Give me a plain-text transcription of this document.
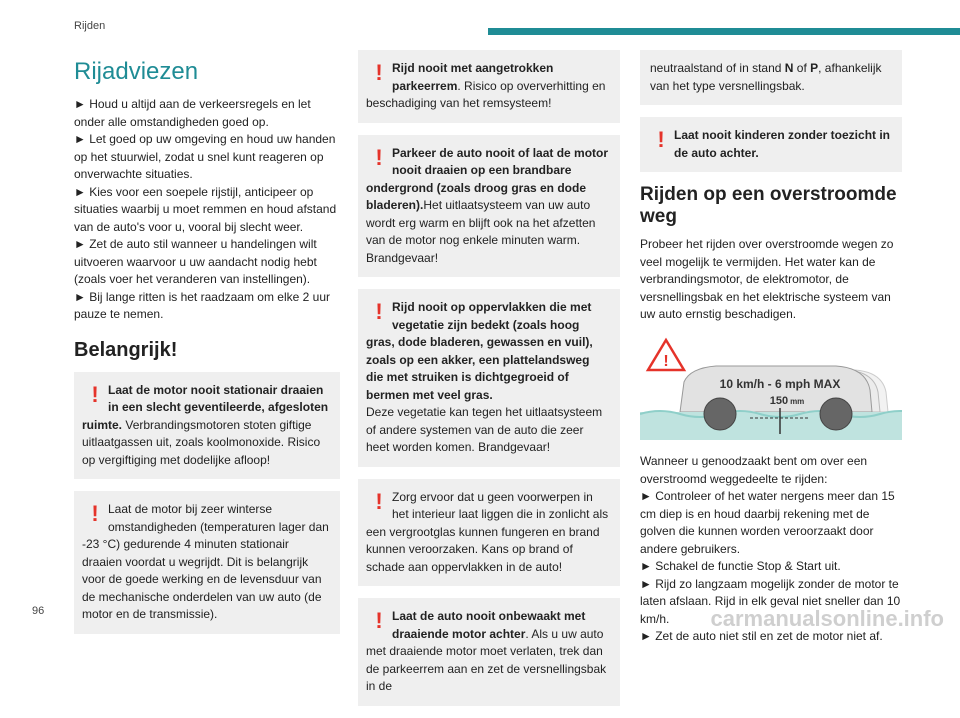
Rijden
Rijadviezen

► Houd u altijd aan de verkeersregels en let onder alle omstandigheden goed op.

► Let goed op uw omgeving en houd uw handen op het stuurwiel, zodat u snel kunt reageren op onverwachte situaties.

► Kies voor een soepele rijstijl, anticipeer op situaties waarbij u moet remmen en houd afstand van de auto's voor u, vooral bij slecht weer.

► Zet de auto stil wanneer u handelingen wilt uitvoeren waarvoor u uw aandacht nodig hebt (zoals voer het veranderen van instellingen).

► Bij lange ritten is het raadzaam om elke 2 uur pauze te nemen.

Belangrijk!
! Laat de motor nooit stationair draaien in een slecht geventileerde, afgesloten ruimte. Verbrandingsmotoren stoten giftige uitlaatgassen uit, zoals koolmonoxide. Risico op vergiftiging met dodelijke afloop!

! Laat de motor bij zeer winterse omstandigheden (temperaturen lager dan -23 °C) gedurende 4 minuten stationair draaien voordat u wegrijdt. Dit is belangrijk voor de goede werking en de levensduur van de mechanische onderdelen van uw auto (de motor en de transmissie).

! Rijd nooit met aangetrokken parkeerrem. Risico op oververhitting en beschadiging van het remsysteem!

! Parkeer de auto nooit of laat de motor nooit draaien op een brandbare ondergrond (zoals droog gras en dode bladeren).Het uitlaatsysteem van uw auto wordt erg warm en blijft ook na het afzetten van de motor nog enkele minuten warm. Brandgevaar!

! Rijd nooit op oppervlakken die met vegetatie zijn bedekt (zoals hoog gras, dode bladeren, gewassen en vuil), zoals op een akker, een plattelandsweg die met struiken is dichtgegroeid of bermen met veel gras.
Deze vegetatie kan tegen het uitlaatsysteem of andere systemen van de auto die zeer heet worden komen. Brandgevaar!

! Zorg ervoor dat u geen voorwerpen in het interieur laat liggen die in zonlicht als een vergrootglas kunnen fungeren en brand kunnen veroorzaken. Kans op brand of schade aan oppervlakken in de auto!

! Laat de auto nooit onbewaakt met draaiende motor achter. Als u uw auto met draaiende motor moet verlaten, trek dan de parkeerrem aan en zet de versnellingsbak in de

neutraalstand of in stand N of P, afhankelijk van het type versnellingsbak.

! Laat nooit kinderen zonder toezicht in de auto achter.

Rijden op een overstroomde weg

Probeer het rijden over overstroomde wegen zo veel mogelijk te vermijden. Het water kan de verbrandingsmotor, de elektromotor, de versnellingsbak en het elektrische systeem van uw auto ernstig beschadigen.

!
10 km/h - 6 mph MAX
150 mm

Wanneer u genoodzaakt bent om over een overstroomd weggedeelte te rijden:

► Controleer of het water nergens meer dan 15 cm diep is en houd daarbij rekening met de golven die kunnen worden veroorzaakt door andere gebruikers.

► Schakel de functie Stop & Start uit.

► Rijd zo langzaam mogelijk zonder de motor te laten afslaan. Rijd in elk geval niet sneller dan 10 km/h.

► Zet de auto niet stil en zet de motor niet af.

96	carmanualsonline.info
